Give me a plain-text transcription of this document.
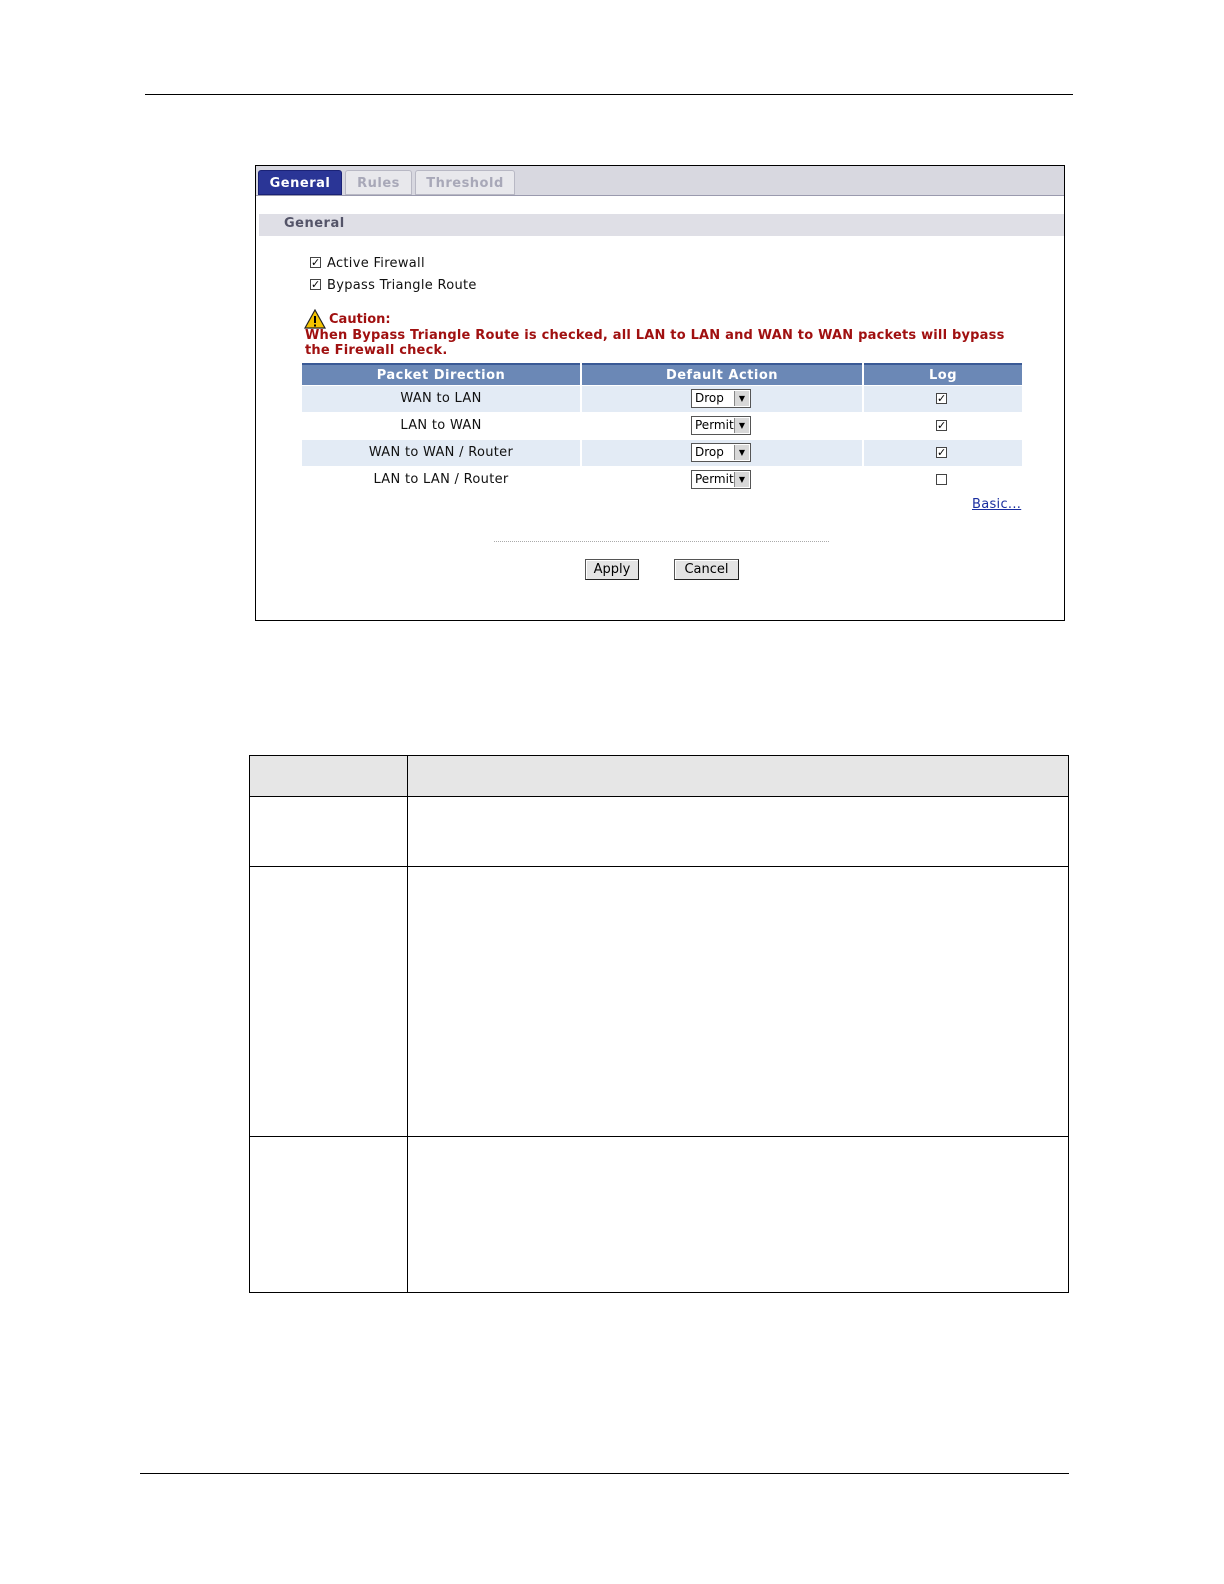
General	Rules	Threshold
General
✓ Active Firewall
✓ Bypass Triangle Route
Caution:
When Bypass Triangle Route is checked, all LAN to LAN and WAN to WAN packets will bypass the Firewall check.
Packet Direction	Default Action	Log
WAN to LAN	Drop	▼	✓
LAN to WAN	Permit ▼	✓
WAN to WAN / Router	Drop	▼	✓
LAN to LAN / Router	Permit ▼
Basic...
Apply	Cancel
